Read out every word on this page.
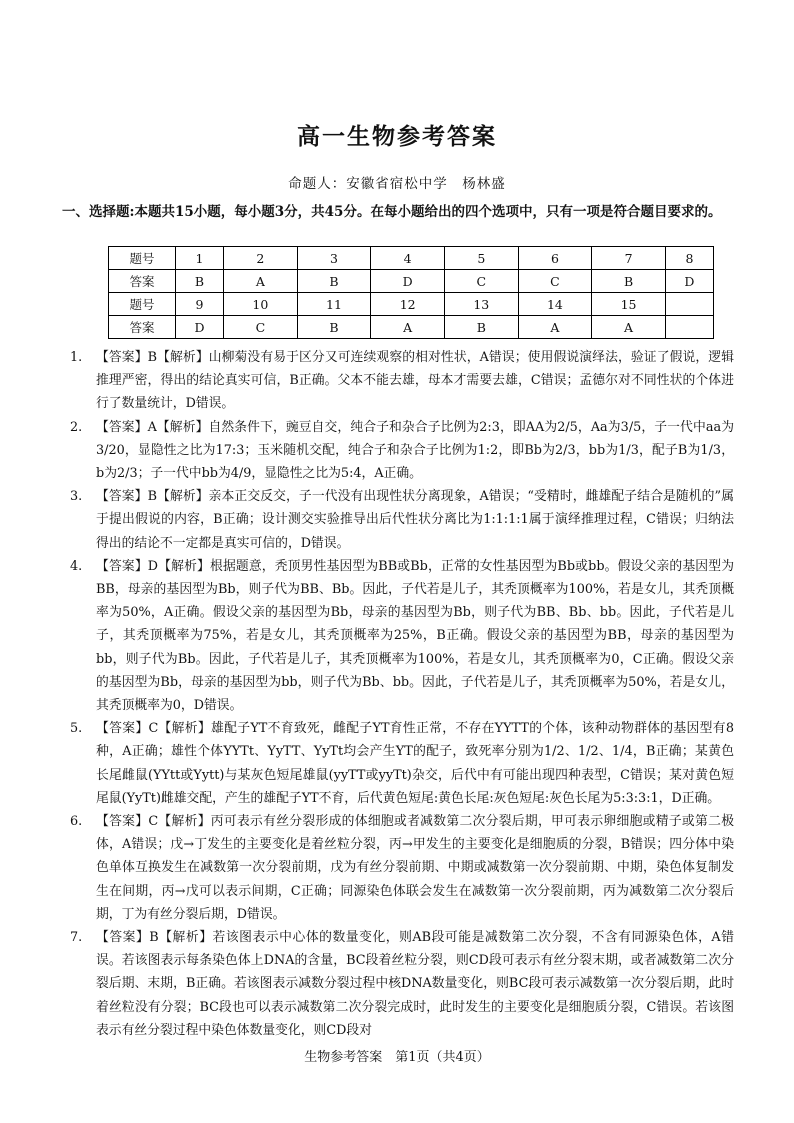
高一生物参考答案
命题人：安徽省宿松中学　杨林盛
一、选择题:本题共15小题，每小题3分，共45分。在每小题给出的四个选项中，只有一项是符合题目要求的。
题号	1	2	3	4	5	6	7	8
答案	B	A	B	D	C	C	B	D
题号	9	10	11	12	13	14	15	
答案	D	C	B	A	B	A	A	
1. 【答案】B【解析】山柳菊没有易于区分又可连续观察的相对性状，A错误；使用假说演绎法，验证了假说，逻辑推理严密，得出的结论真实可信，B正确。父本不能去雄，母本才需要去雄，C错误；孟德尔对不同性状的个体进行了数量统计，D错误。
2. 【答案】A【解析】自然条件下，豌豆自交，纯合子和杂合子比例为2:3，即AA为2/5，Aa为3/5，子一代中aa为3/20，显隐性之比为17:3；玉米随机交配，纯合子和杂合子比例为1:2，即Bb为2/3，bb为1/3，配子B为1/3，b为2/3；子一代中bb为4/9，显隐性之比为5:4，A正确。
3. 【答案】B【解析】亲本正交反交，子一代没有出现性状分离现象，A错误；“受精时，雌雄配子结合是随机的”属于提出假说的内容，B正确；设计测交实验推导出后代性状分离比为1:1:1:1属于演绎推理过程，C错误；归纳法得出的结论不一定都是真实可信的，D错误。
4. 【答案】D【解析】根据题意，秃顶男性基因型为BB或Bb，正常的女性基因型为Bb或bb。假设父亲的基因型为BB，母亲的基因型为Bb，则子代为BB、Bb。因此，子代若是儿子，其秃顶概率为100%，若是女儿，其秃顶概率为50%，A正确。假设父亲的基因型为Bb，母亲的基因型为Bb，则子代为BB、Bb、bb。因此，子代若是儿子，其秃顶概率为75%，若是女儿，其秃顶概率为25%，B正确。假设父亲的基因型为BB，母亲的基因型为bb，则子代为Bb。因此，子代若是儿子，其秃顶概率为100%，若是女儿，其秃顶概率为0，C正确。假设父亲的基因型为Bb，母亲的基因型为bb，则子代为Bb、bb。因此，子代若是儿子，其秃顶概率为50%，若是女儿，其秃顶概率为0，D错误。
5. 【答案】C【解析】雄配子YT不育致死，雌配子YT育性正常，不存在YYTT的个体，该种动物群体的基因型有8种，A正确；雄性个体YYTt、YyTT、YyTt均会产生YT的配子，致死率分别为1/2、1/2、1/4，B正确；某黄色长尾雌鼠(YYtt或Yytt)与某灰色短尾雄鼠(yyTT或yyTt)杂交，后代中有可能出现四种表型，C错误；某对黄色短尾鼠(YyTt)雌雄交配，产生的雄配子YT不育，后代黄色短尾:黄色长尾:灰色短尾:灰色长尾为5:3:3:1，D正确。
6. 【答案】C【解析】丙可表示有丝分裂形成的体细胞或者减数第二次分裂后期，甲可表示卵细胞或精子或第二极体，A错误；戊→丁发生的主要变化是着丝粒分裂，丙→甲发生的主要变化是细胞质的分裂，B错误；四分体中染色单体互换发生在减数第一次分裂前期，戊为有丝分裂前期、中期或减数第一次分裂前期、中期，染色体复制发生在间期，丙→戊可以表示间期，C正确；同源染色体联会发生在减数第一次分裂前期，丙为减数第二次分裂后期，丁为有丝分裂后期，D错误。
7. 【答案】B【解析】若该图表示中心体的数量变化，则AB段可能是减数第二次分裂，不含有同源染色体，A错误。若该图表示每条染色体上DNA的含量，BC段着丝粒分裂，则CD段可表示有丝分裂末期，或者减数第二次分裂后期、末期，B正确。若该图表示减数分裂过程中核DNA数量变化，则BC段可表示减数第一次分裂后期，此时着丝粒没有分裂；BC段也可以表示减数第二次分裂完成时，此时发生的主要变化是细胞质分裂，C错误。若该图表示有丝分裂过程中染色体数量变化，则CD段对
生物参考答案　第1页（共4页）
